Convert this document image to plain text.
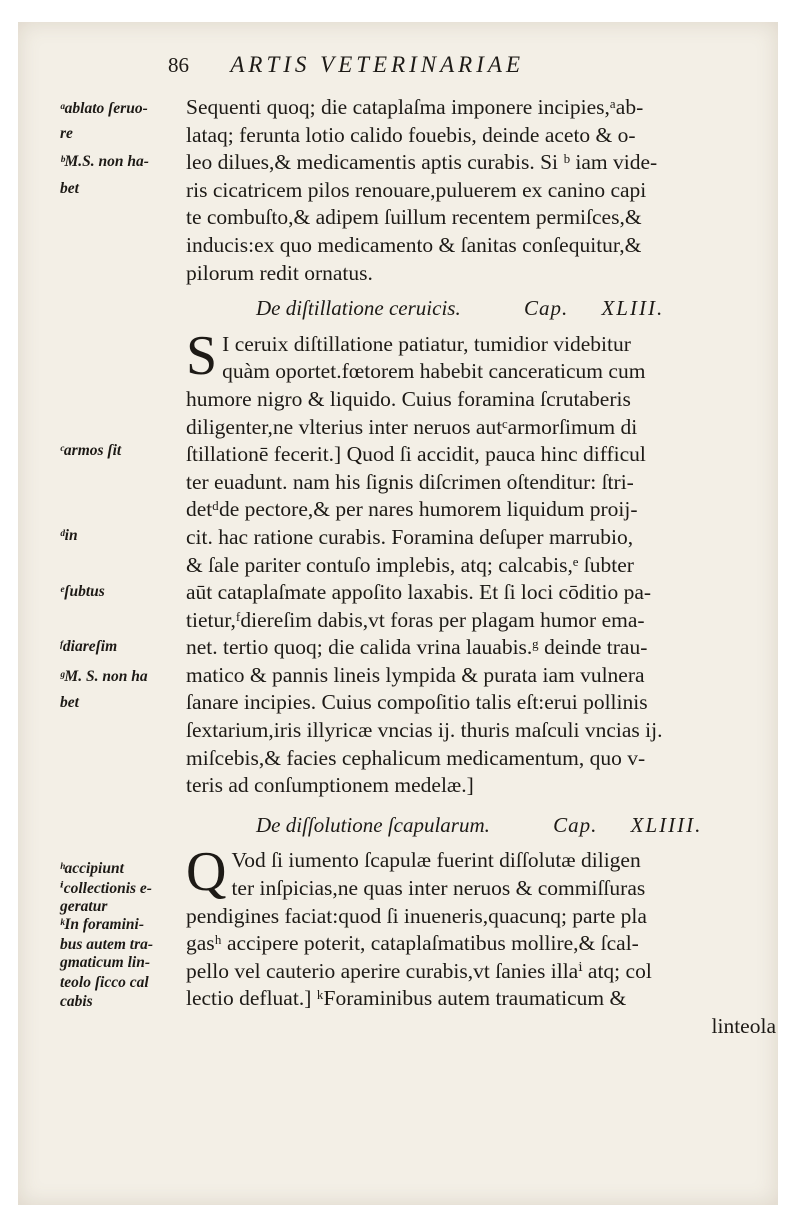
86 ARTIS VETERINARIAE
ᵃablato ſeruo-
re
ᵇM.S. non ha-
bet
ᶜarmos ſit
ᵈin
ᵉſubtus
ᶠdiareſim
ᵍM. S. non ha
bet
ʰaccipiunt
ⁱcollectionis e-
geratur
ᵏIn foramini-
bus autem tra-
gmaticum lin-
teolo ſicco cal
cabis
Sequenti quoq; die cataplaſma imponere incipies,ᵃab-
lataq; ferunta lotio calido fouebis, deinde aceto & o-
leo dilues,& medicamentis aptis curabis. Si ᵇ iam vide-
ris cicatricem pilos renouare,puluerem ex canino capi
te combuſto,& adipem ſuillum recentem permiſces,&
inducis:ex quo medicamento & ſanitas conſequitur,&
pilorum redit ornatus.
De diſtillatione ceruicis.	Cap. XLIII.
S I ceruix diſtillatione patiatur, tumidior videbitur
quàm oportet.fœtorem habebit canceraticum cum
humore nigro & liquido. Cuius foramina ſcrutaberis
diligenter,ne vlterius inter neruos autᶜarmorſimum di
ſtillationē fecerit.] Quod ſi accidit, pauca hinc difficul
ter euadunt. nam his ſignis diſcrimen oſtenditur: ſtri-
detᵈde pectore,& per nares humorem liquidum proij-
cit. hac ratione curabis. Foramina deſuper marrubio,
& ſale pariter contuſo implebis, atq; calcabis,ᵉ ſubter
aūt cataplaſmate appoſito laxabis. Et ſi loci cōditio pa-
tietur,ᶠdiereſim dabis,vt foras per plagam humor ema-
net. tertio quoq; die calida vrina lauabis.ᵍ deinde trau-
matico & pannis lineis lympida & purata iam vulnera
ſanare incipies. Cuius compoſitio talis eſt:erui pollinis
ſextarium,iris illyricæ vncias ij. thuris maſculi vncias ij.
miſcebis,& facies cephalicum medicamentum, quo v-
teris ad conſumptionem medelæ.]
De diſſolutione ſcapularum.	Cap. XLIIII.
Q Vod ſi iumento ſcapulæ fuerint diſſolutæ diligen
ter inſpicias,ne quas inter neruos & commiſſuras
pendigines faciat:quod ſi inueneris,quacunq; parte pla
gasʰ accipere poterit, cataplaſmatibus mollire,& ſcal-
pello vel cauterio aperire curabis,vt ſanies illaⁱ atq; col
lectio defluat.] ᵏForaminibus autem traumaticum &
linteola
